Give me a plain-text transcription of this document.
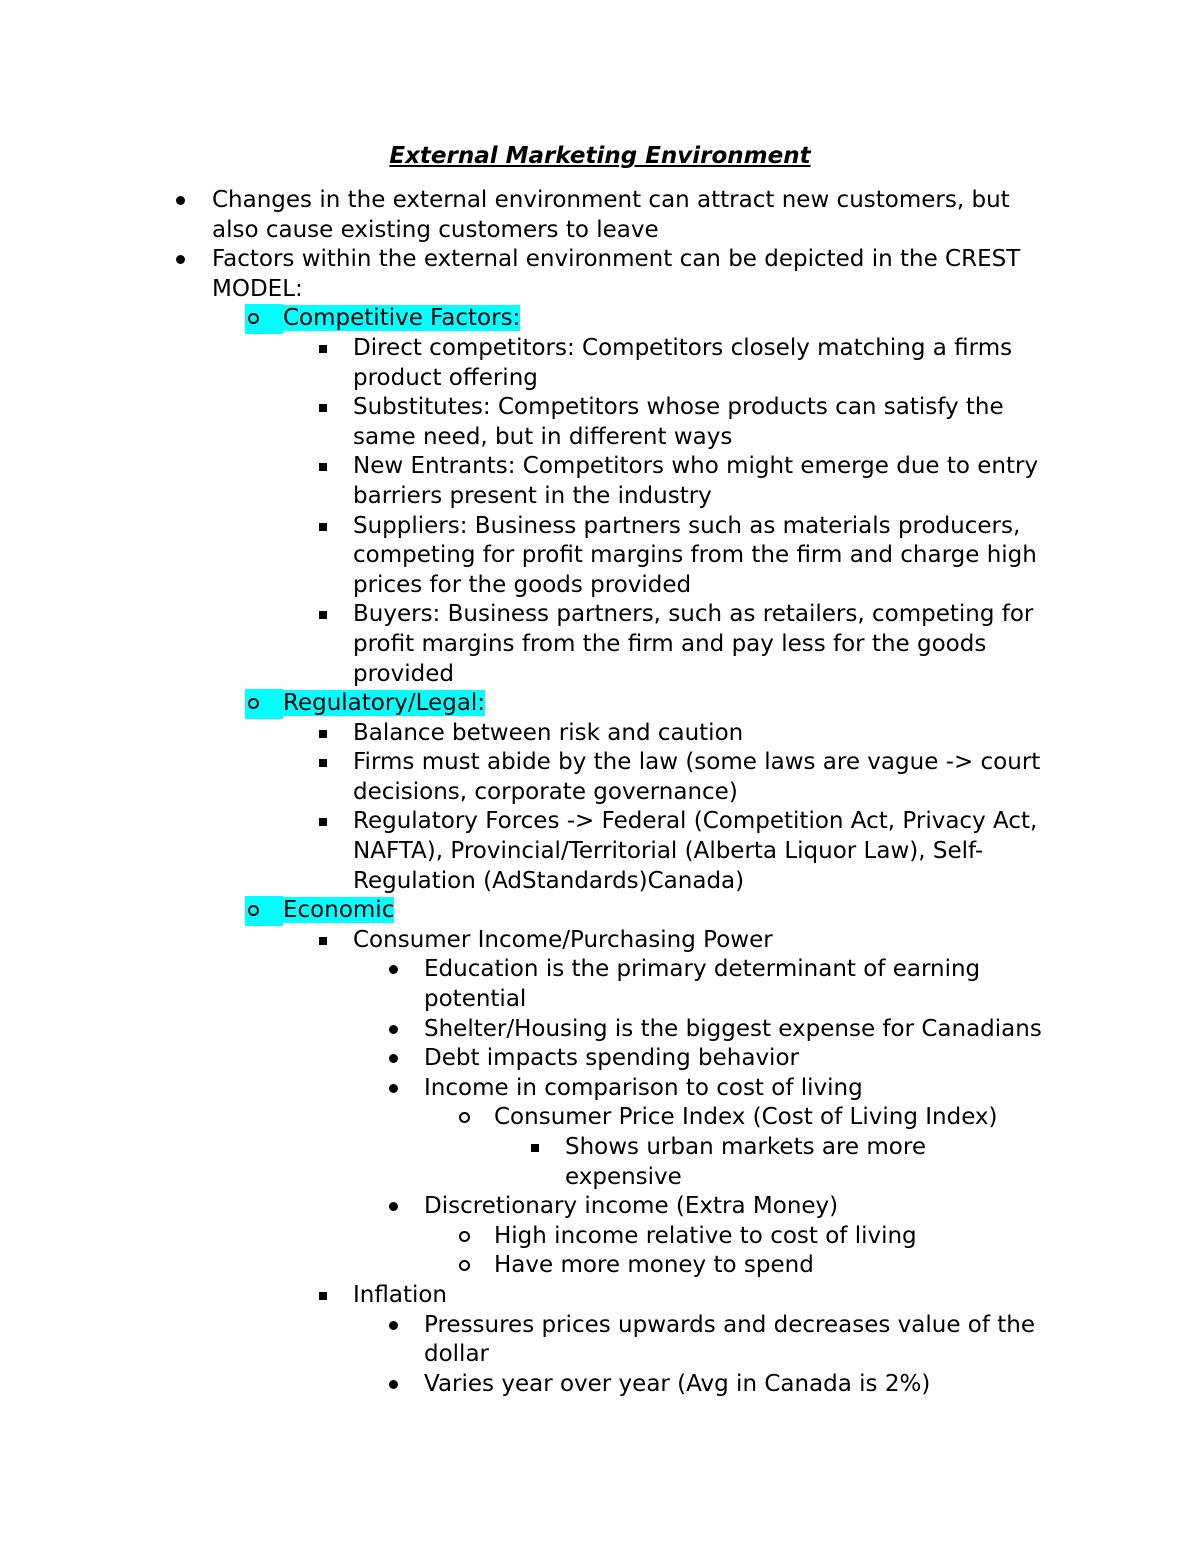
External Marketing Environment
Changes in the external environment can attract new customers, but also cause existing customers to leave
Factors within the external environment can be depicted in the CREST MODEL:
Competitive Factors:
Direct competitors: Competitors closely matching a firms product offering
Substitutes: Competitors whose products can satisfy the same need, but in different ways
New Entrants: Competitors who might emerge due to entry barriers present in the industry
Suppliers: Business partners such as materials producers, competing for profit margins from the firm and charge high prices for the goods provided
Buyers: Business partners, such as retailers, competing for profit margins from the firm and pay less for the goods provided
Regulatory/Legal:
Balance between risk and caution
Firms must abide by the law (some laws are vague -> court decisions, corporate governance)
Regulatory Forces -> Federal (Competition Act, Privacy Act, NAFTA), Provincial/Territorial (Alberta Liquor Law), Self-Regulation (AdStandards)Canada)
Economic
Consumer Income/Purchasing Power
Education is the primary determinant of earning potential
Shelter/Housing is the biggest expense for Canadians
Debt impacts spending behavior
Income in comparison to cost of living
Consumer Price Index (Cost of Living Index)
Shows urban markets are more expensive
Discretionary income (Extra Money)
High income relative to cost of living
Have more money to spend
Inflation
Pressures prices upwards and decreases value of the dollar
Varies year over year (Avg in Canada is 2%)
